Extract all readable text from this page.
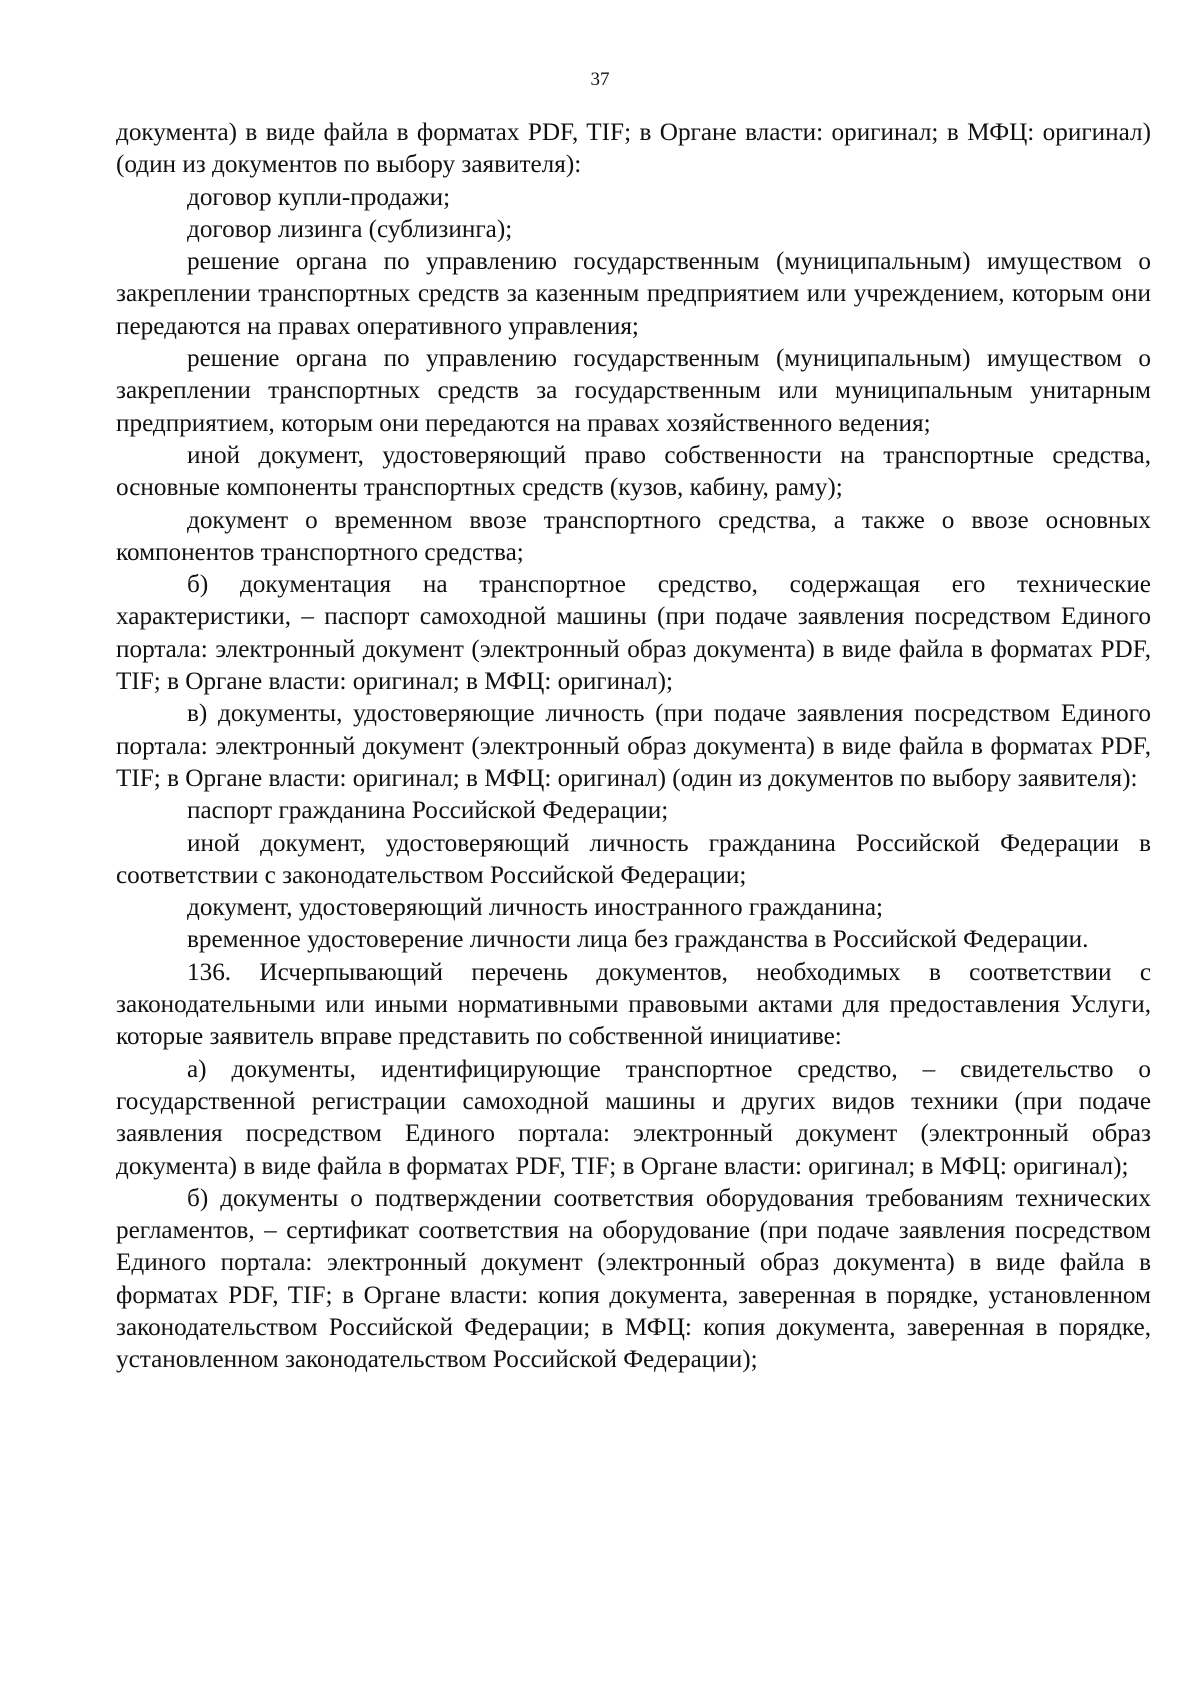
37

документа) в виде файла в форматах PDF, TIF; в Органе власти: оригинал; в МФЦ: оригинал) (один из документов по выбору заявителя):

договор купли-продажи;

договор лизинга (сублизинга);

решение органа по управлению государственным (муниципальным) имуществом о закреплении транспортных средств за казенным предприятием или учреждением, которым они передаются на правах оперативного управления;

решение органа по управлению государственным (муниципальным) имуществом о закреплении транспортных средств за государственным или муниципальным унитарным предприятием, которым они передаются на правах хозяйственного ведения;

иной документ, удостоверяющий право собственности на транспортные средства, основные компоненты транспортных средств (кузов, кабину, раму);

документ о временном ввозе транспортного средства, а также о ввозе основных компонентов транспортного средства;

б) документация на транспортное средство, содержащая его технические характеристики, – паспорт самоходной машины (при подаче заявления посредством Единого портала: электронный документ (электронный образ документа) в виде файла в форматах PDF, TIF; в Органе власти: оригинал; в МФЦ: оригинал);

в) документы, удостоверяющие личность (при подаче заявления посредством Единого портала: электронный документ (электронный образ документа) в виде файла в форматах PDF, TIF; в Органе власти: оригинал; в МФЦ: оригинал) (один из документов по выбору заявителя):

паспорт гражданина Российской Федерации;

иной документ, удостоверяющий личность гражданина Российской Федерации в соответствии с законодательством Российской Федерации;

документ, удостоверяющий личность иностранного гражданина;

временное удостоверение личности лица без гражданства в Российской Федерации.

136. Исчерпывающий перечень документов, необходимых в соответствии с законодательными или иными нормативными правовыми актами для предоставления Услуги, которые заявитель вправе представить по собственной инициативе:

а) документы, идентифицирующие транспортное средство, – свидетельство о государственной регистрации самоходной машины и других видов техники (при подаче заявления посредством Единого портала: электронный документ (электронный образ документа) в виде файла в форматах PDF, TIF; в Органе власти: оригинал; в МФЦ: оригинал);

б) документы о подтверждении соответствия оборудования требованиям технических регламентов, – сертификат соответствия на оборудование (при подаче заявления посредством Единого портала: электронный документ (электронный образ документа) в виде файла в форматах PDF, TIF; в Органе власти: копия документа, заверенная в порядке, установленном законодательством Российской Федерации; в МФЦ: копия документа, заверенная в порядке, установленном законодательством Российской Федерации);
